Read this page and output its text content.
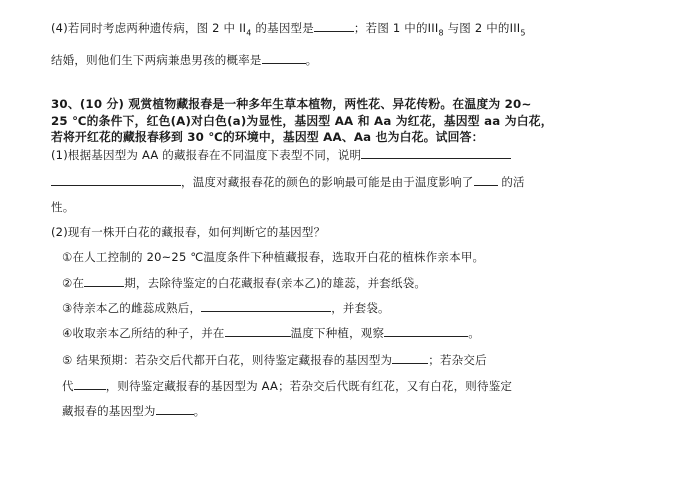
(4)若同时考虑两种遗传病，图 2 中 $II_4$ 的基因型是	；若图 1 中的$III_8$ 与图 2 中的$III_5$
结婚，则他们生下两病兼患男孩的概率是	。
30、(10 分) 观赏植物藏报春是一种多年生草本植物，两性花、异花传粉。在温度为 20~
25 ℃的条件下，红色(A)对白色(a)为显性，基因型 AA 和 Aa 为红花，基因型 aa 为白花，
若将开红花的藏报春移到 30 ℃的环境中，基因型 AA、Aa 也为白花。试回答：
(1)根据基因型为 AA 的藏报春在不同温度下表型不同，说明
，温度对藏报春花的颜色的影响最可能是由于温度影响了 的活
性。
(2)现有一株开白花的藏报春，如何判断它的基因型？
①在人工控制的 20~25 ℃温度条件下种植藏报春，选取开白花的植株作亲本甲。
②在	期，去除待鉴定的白花藏报春(亲本乙)的雄蕊，并套纸袋。
③待亲本乙的雌蕊成熟后，	，并套袋。
④收取亲本乙所结的种子，并在	温度下种植，观察	。
⑤ 结果预期：若杂交后代都开白花，则待鉴定藏报春的基因型为	；若杂交后
代	，则待鉴定藏报春的基因型为 AA；若杂交后代既有红花，又有白花，则待鉴定
藏报春的基因型为	。
